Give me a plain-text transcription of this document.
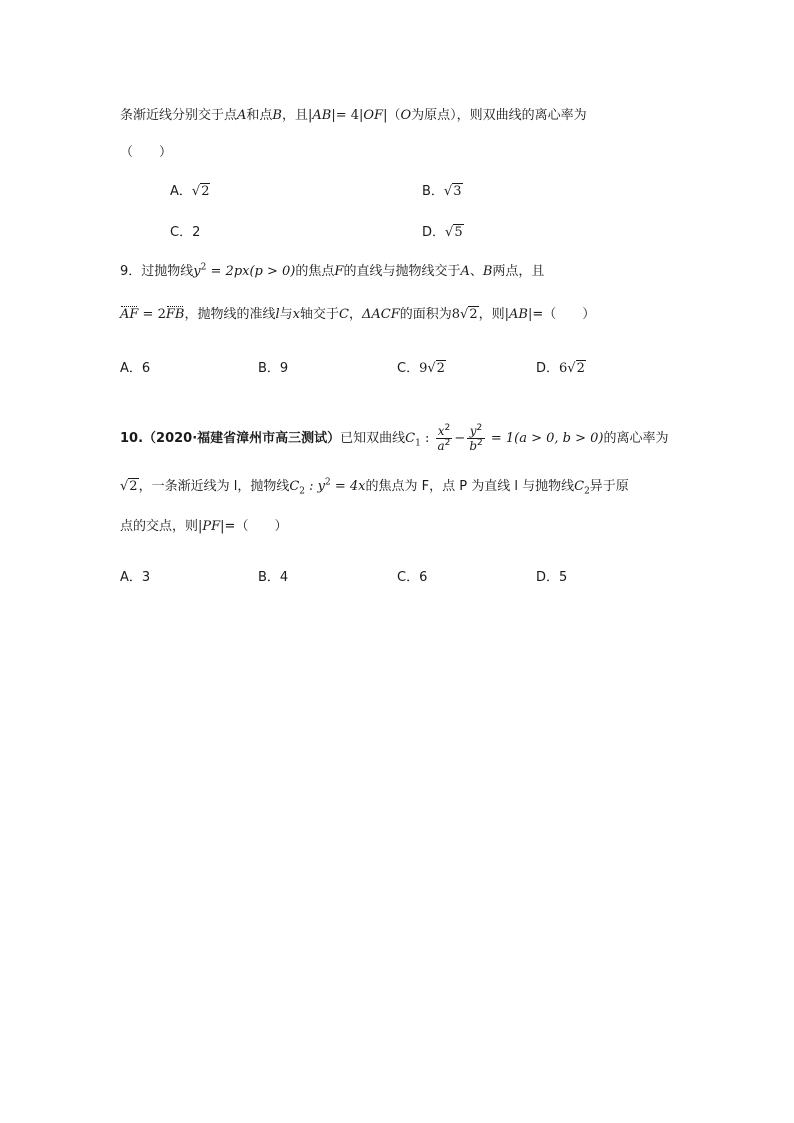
条渐近线分别交于点A和点B，且|AB|= 4|OF|（O为原点），则双曲线的离心率为
（　　）
A．√2	B．√3
C．2	D．√5
9．过抛物线$y^2 = 2px(p > 0)$的焦点F的直线与抛物线交于A、B两点，且
AF = 2FB，抛物线的准线l与x轴交于C，ΔACF的面积为8√2，则|AB|=（　　）
A．6	B．9	C．9√2	D．6√2
10.（2020·福建省漳州市高三测试）已知双曲线$C_1$ : $\frac{x^2}{a^2} - \frac{y^2}{b^2} = 1(a > 0$, b > 0)的离心率为
√2，一条渐近线为 l，抛物线$C_2$ : $y^2 = 4x$的焦点为 F，点 P 为直线 l 与抛物线$C_2$异于原
点的交点，则|PF|=（　　）
A．3	B．4	C．6	D．5
